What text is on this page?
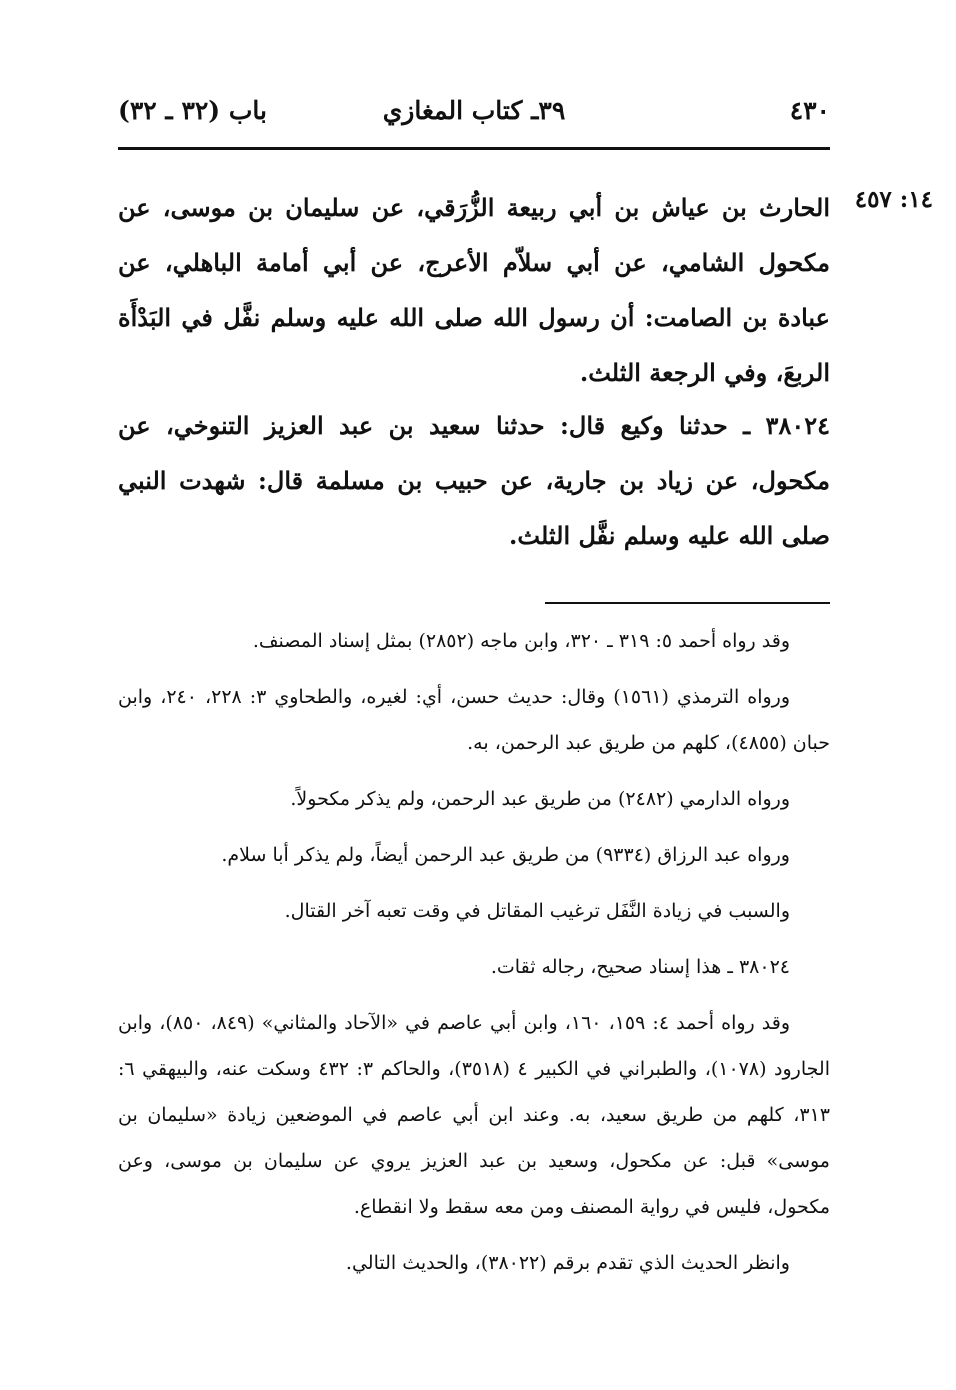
٤٣٠
٣٩ـ كتاب المغازي
باب (٣٢ ـ ٣٢)
١٤: ٤٥٧

الحارث بن عياش بن أبي ربيعة الزُّرَقي، عن سليمان بن موسى، عن مكحول الشامي، عن أبي سلاّم الأعرج، عن أبي أمامة الباهلي، عن عبادة بن الصامت: أن رسول الله صلى الله عليه وسلم نفَّل في البَدْأَة الربعَ، وفي الرجعة الثلث.

٣٨٠٢٤ ـ حدثنا وكيع قال: حدثنا سعيد بن عبد العزيز التنوخي، عن مكحول، عن زياد بن جارية، عن حبيب بن مسلمة قال: شهدت النبي صلى الله عليه وسلم نفَّل الثلث.

وقد رواه أحمد ٥: ٣١٩ ـ ٣٢٠، وابن ماجه (٢٨٥٢) بمثل إسناد المصنف.

ورواه الترمذي (١٥٦١) وقال: حديث حسن، أي: لغيره، والطحاوي ٣: ٢٢٨، ٢٤٠، وابن حبان (٤٨٥٥)، كلهم من طريق عبد الرحمن، به.

ورواه الدارمي (٢٤٨٢) من طريق عبد الرحمن، ولم يذكر مكحولاً.

ورواه عبد الرزاق (٩٣٣٤) من طريق عبد الرحمن أيضاً، ولم يذكر أبا سلام.

والسبب في زيادة النَّفَل ترغيب المقاتل في وقت تعبه آخر القتال.

٣٨٠٢٤ ـ هذا إسناد صحيح، رجاله ثقات.

وقد رواه أحمد ٤: ١٥٩، ١٦٠، وابن أبي عاصم في «الآحاد والمثاني» (٨٤٩، ٨٥٠)، وابن الجارود (١٠٧٨)، والطبراني في الكبير ٤ (٣٥١٨)، والحاكم ٣: ٤٣٢ وسكت عنه، والبيهقي ٦: ٣١٣، كلهم من طريق سعيد، به. وعند ابن أبي عاصم في الموضعين زيادة «سليمان بن موسى» قبل: عن مكحول، وسعيد بن عبد العزيز يروي عن سليمان بن موسى، وعن مكحول، فليس في رواية المصنف ومن معه سقط ولا انقطاع.

وانظر الحديث الذي تقدم برقم (٣٨٠٢٢)، والحديث التالي.
